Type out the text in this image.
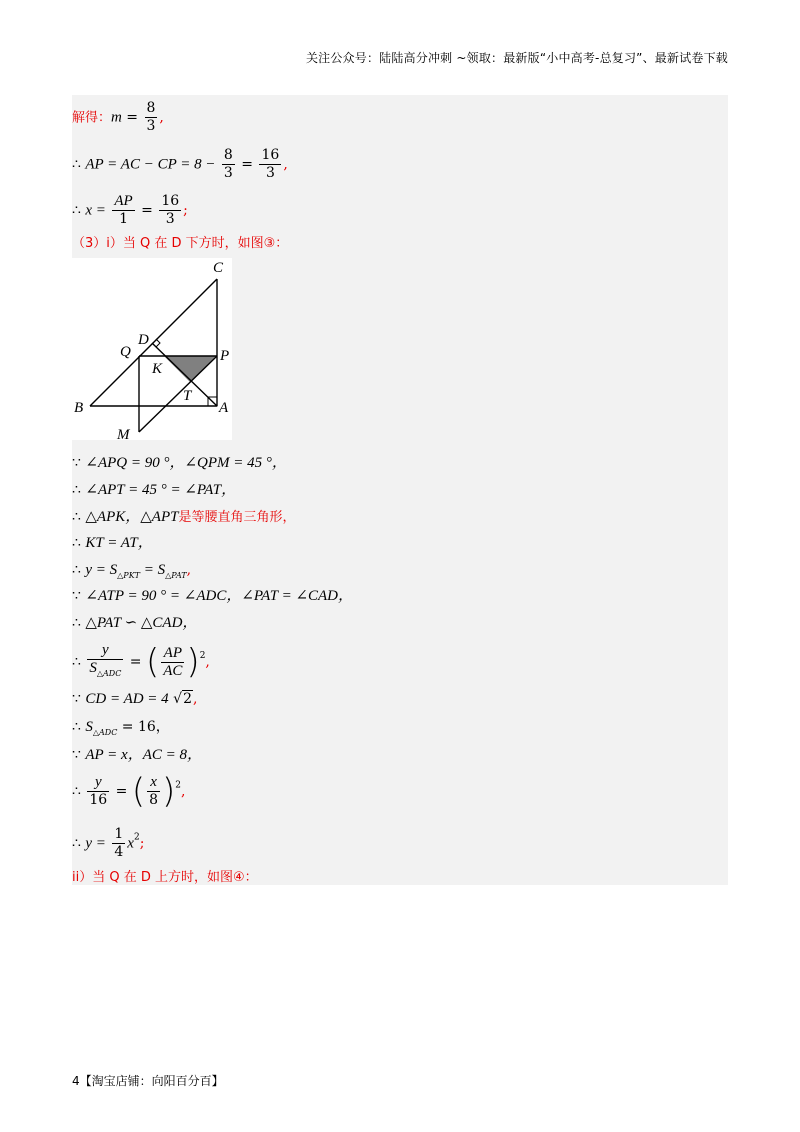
关注公众号：陆陆高分冲刺 ~领取：最新版“小中高考-总复习”、最新试卷下载
解得：$m = \frac{8}{3}$ ,
∴ AP = AC − CP = $8 - \frac{8}{3} = \frac{16}{3}$ ,
∴ $x = \frac{AP}{1} = \frac{16}{3}$ ;
（3）i）当 Q 在 D 下方时，如图③：
C
D
Q	P
K
T
A
B
M
∵ ∠APQ = 90 °，∠QPM = 45 °，
∴ ∠APT = 45 ° = ∠PAT，
∴ △APK，△APT是等腰直角三角形，
∴ KT = AT，
∴ $y = S_{\triangle PKT} = S_{\triangle PAT}$,
∵ ∠ATP = 90 ° = ∠ADC，∠PAT = ∠CAD，
∴ △PAT ∽ △CAD，
∴ $\frac{y}{S_{\triangle ADC}}$ = ( $\frac{AP}{AC} )^2$,
∵ CD = AD = 4 √2,
∴ $S_{\triangle ADC} = 16$，
∵ AP = x，AC = 8，
∴ $\frac{y}{16}$ = ( $\frac{x}{8} )^2$,
∴ $y = \frac{1}{4} x^2$;
ii）当 Q 在 D 上方时，如图④：
4【淘宝店铺：向阳百分百】
